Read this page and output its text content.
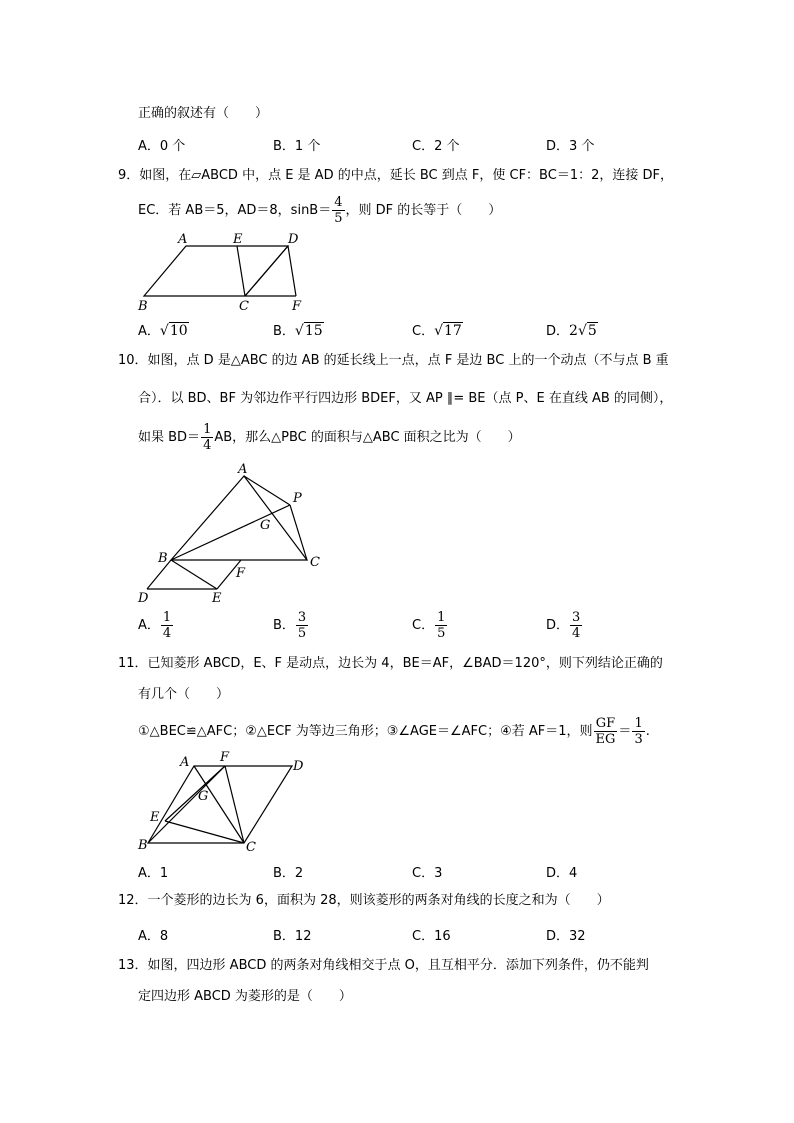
正确的叙述有（　　）
A．0 个	B．1 个	C．2 个	D．3 个
9．如图，在▱ABCD 中，点 E 是 AD 的中点，延长 BC 到点 F，使 CF：BC＝1：2，连接 DF，
EC．若 AB＝5，AD＝8，$\sin B= \frac{4}{5}$ ，则 DF 的长等于（　　）
A	E	D
B	C	F
A．√10	B．√15	C．√17	D．2√5
10．如图，点 D 是△ABC 的边 AB 的延长线上一点，点 F 是边 BC 上的一个动点（不与点 B 重
合）．以 BD、BF 为邻边作平行四边形 BDEF，又 AP ∥= BE（点 P、E 在直线 AB 的同侧），
如果 $BD= \frac{1}{4}$ AB，那么△PBC 的面积与△ABC 面积之比为（　　）
A
P
G
B	C
F
D	E
A． $\frac{1}{4}$	B． $\frac{3}{5}$	C． $\frac{1}{5}$	D． $\frac{3}{4}$
11．已知菱形 ABCD，E、F 是动点，边长为 4，BE＝AF，∠BAD＝120°，则下列结论正确的
有几个（　　）
①△BEC≌△AFC；②△ECF 为等边三角形；③∠AGE＝∠AFC；④若 AF＝1，则 $\frac{GF}{EG} = \frac{1}{3}$ .
A F
D
G
E
B	C
A．1	B．2	C．3	D．4
12．一个菱形的边长为 6，面积为 28，则该菱形的两条对角线的长度之和为（　　）
A．8	B．12	C．16	D．32
13．如图，四边形 ABCD 的两条对角线相交于点 O，且互相平分．添加下列条件，仍不能判
定四边形 ABCD 为菱形的是（　　）
